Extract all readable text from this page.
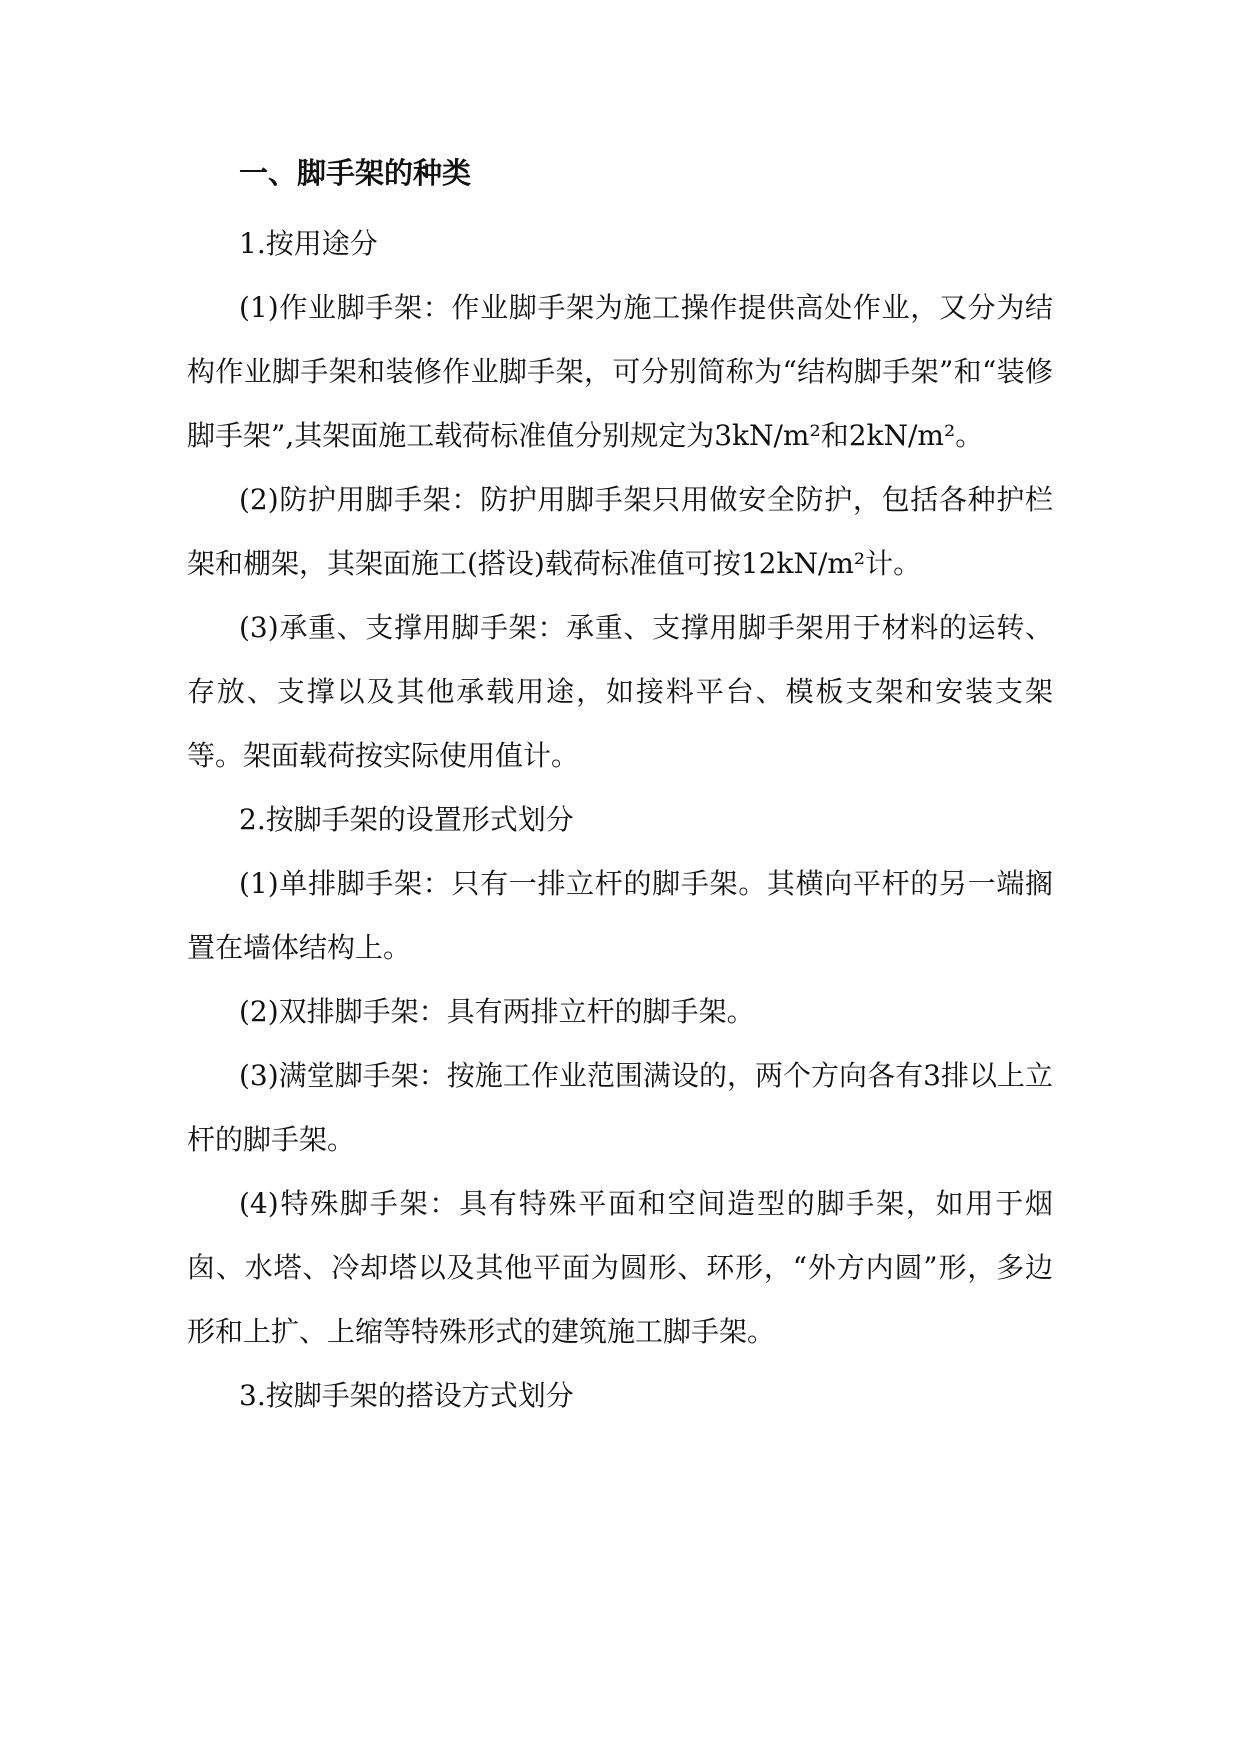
一、脚手架的种类

1.按用途分

(1)作业脚手架：作业脚手架为施工操作提供高处作业，又分为结构作业脚手架和装修作业脚手架，可分别简称为“结构脚手架”和“装修脚手架”,其架面施工载荷标准值分别规定为3kN/m²和2kN/m²。

(2)防护用脚手架：防护用脚手架只用做安全防护，包括各种护栏架和棚架，其架面施工(搭设)载荷标准值可按12kN/m²计。

(3)承重、支撑用脚手架：承重、支撑用脚手架用于材料的运转、存放、支撑以及其他承载用途，如接料平台、模板支架和安装支架等。架面载荷按实际使用值计。

2.按脚手架的设置形式划分

(1)单排脚手架：只有一排立杆的脚手架。其横向平杆的另一端搁置在墙体结构上。

(2)双排脚手架：具有两排立杆的脚手架。

(3)满堂脚手架：按施工作业范围满设的，两个方向各有3排以上立杆的脚手架。

(4)特殊脚手架：具有特殊平面和空间造型的脚手架，如用于烟囱、水塔、冷却塔以及其他平面为圆形、环形，“外方内圆”形，多边形和上扩、上缩等特殊形式的建筑施工脚手架。

3.按脚手架的搭设方式划分
